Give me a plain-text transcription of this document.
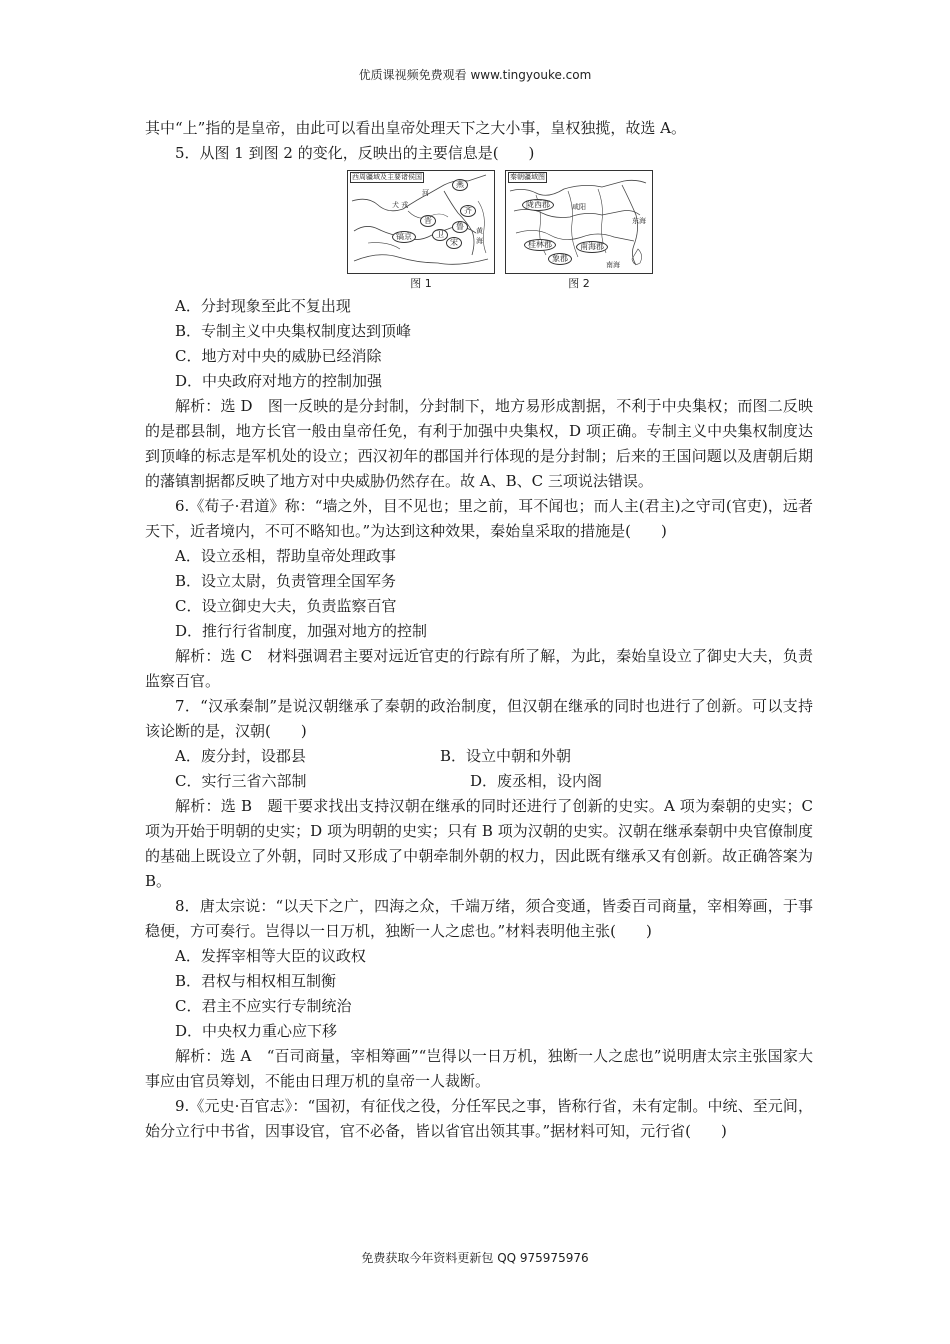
优质课视频免费观看 www.tingyouke.com

其中“上”指的是皇帝，由此可以看出皇帝处理天下之大小事，皇权独揽，故选 A。

5．从图 1 到图 2 的变化，反映出的主要信息是(　　)

西周疆域及主要诸侯国
犬 戎
镐京
河
鲁
齐
燕
宋
晋
卫	黄
海
图 1
秦朝疆域图
陇西郡	咸阳
桂林郡
象郡
南海郡
东海
南海
图 2

A．分封现象至此不复出现

B．专制主义中央集权制度达到顶峰

C．地方对中央的威胁已经消除

D．中央政府对地方的控制加强

解析：选 D　图一反映的是分封制，分封制下，地方易形成割据，不利于中央集权；而图二反映的是郡县制，地方长官一般由皇帝任免，有利于加强中央集权，D 项正确。专制主义中央集权制度达到顶峰的标志是军机处的设立；西汉初年的郡国并行体现的是分封制；后来的王国问题以及唐朝后期的藩镇割据都反映了地方对中央威胁仍然存在。故 A、B、C 三项说法错误。

6.《荀子·君道》称：“墙之外，目不见也；里之前，耳不闻也；而人主(君主)之守司(官吏)，远者天下，近者境内，不可不略知也。”为达到这种效果，秦始皇采取的措施是(　　)

A．设立丞相，帮助皇帝处理政事

B．设立太尉，负责管理全国军务

C．设立御史大夫，负责监察百官

D．推行行省制度，加强对地方的控制

解析：选 C　材料强调君主要对远近官吏的行踪有所了解，为此，秦始皇设立了御史大夫，负责监察百官。

7．“汉承秦制”是说汉朝继承了秦朝的政治制度，但汉朝在继承的同时也进行了创新。可以支持该论断的是，汉朝(　　)

A．废分封，设郡县	B．设立中朝和外朝
C．实行三省六部制	D．废丞相，设内阁

解析：选 B　题干要求找出支持汉朝在继承的同时还进行了创新的史实。A 项为秦朝的史实；C 项为开始于明朝的史实；D 项为明朝的史实；只有 B 项为汉朝的史实。汉朝在继承秦朝中央官僚制度的基础上既设立了外朝，同时又形成了中朝牵制外朝的权力，因此既有继承又有创新。故正确答案为 B。

8．唐太宗说：“以天下之广，四海之众，千端万绪，须合变通，皆委百司商量，宰相筹画，于事稳便，方可奏行。岂得以一日万机，独断一人之虑也。”材料表明他主张(　　)

A．发挥宰相等大臣的议政权

B．君权与相权相互制衡

C．君主不应实行专制统治

D．中央权力重心应下移

解析：选 A　“百司商量，宰相筹画”“岂得以一日万机，独断一人之虑也”说明唐太宗主张国家大事应由官员筹划，不能由日理万机的皇帝一人裁断。

9.《元史·百官志》：“国初，有征伐之役，分任军民之事，皆称行省，未有定制。中统、至元间，始分立行中书省，因事设官，官不必备，皆以省官出领其事。”据材料可知，元行省(　　)

免费获取今年资料更新包 QQ 975975976
